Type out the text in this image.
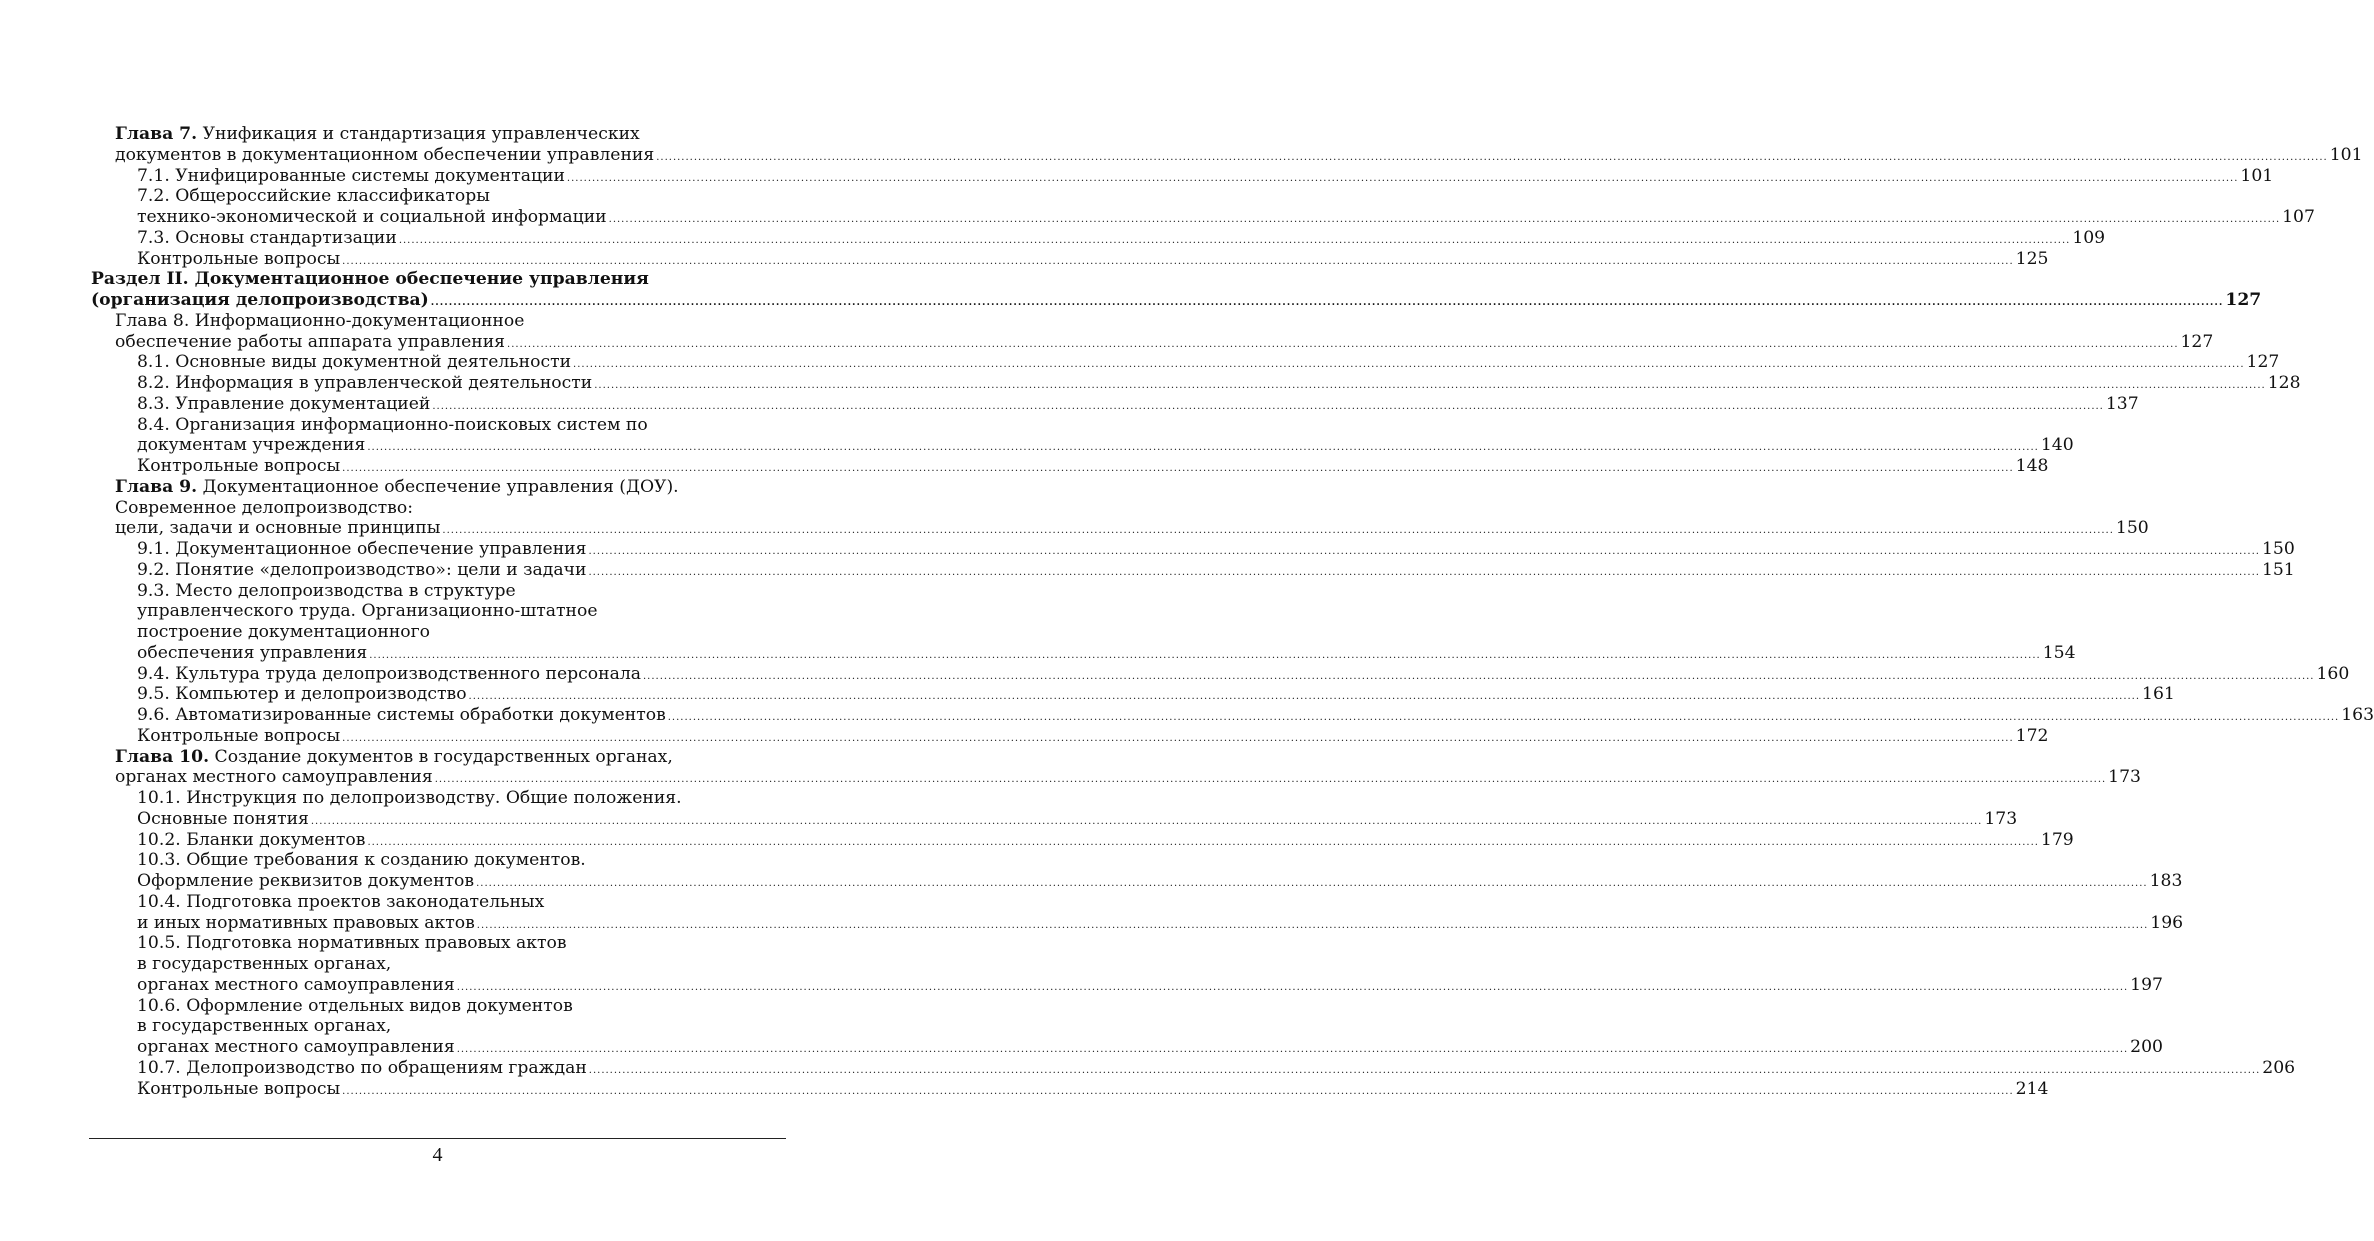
Глава 7. Унификация и стандартизация управленческих
документов в документационном обеспечении управления ................................................................................................................................................................................................................................................................................................................................................................................................................ 101
7.1. Унифицированные системы документации ................................................................................................................................................................................................................................................................................................................................................................................................................ 101
7.2. Общероссийские классификаторы
технико-экономической и социальной информации ................................................................................................................................................................................................................................................................................................................................................................................................................ 107
7.3. Основы стандартизации ................................................................................................................................................................................................................................................................................................................................................................................................................ 109
Контрольные вопросы ................................................................................................................................................................................................................................................................................................................................................................................................................ 125
Раздел II. Документационное обеспечение управления
(организация делопроизводства) ................................................................................................................................................................................................................................................................................................................................................................................................................ 127
Глава 8. Информационно-документационное
обеспечение работы аппарата управления ................................................................................................................................................................................................................................................................................................................................................................................................................ 127
8.1. Основные виды документной деятельности ................................................................................................................................................................................................................................................................................................................................................................................................................ 127
8.2. Информация в управленческой деятельности ................................................................................................................................................................................................................................................................................................................................................................................................................ 128
8.3. Управление документацией ................................................................................................................................................................................................................................................................................................................................................................................................................ 137
8.4. Организация информационно-поисковых систем по
документам учреждения ................................................................................................................................................................................................................................................................................................................................................................................................................ 140
Контрольные вопросы ................................................................................................................................................................................................................................................................................................................................................................................................................ 148
Глава 9. Документационное обеспечение управления (ДОУ).
Современное делопроизводство:
цели, задачи и основные принципы ................................................................................................................................................................................................................................................................................................................................................................................................................ 150
9.1. Документационное обеспечение управления ................................................................................................................................................................................................................................................................................................................................................................................................................ 150
9.2. Понятие «делопроизводство»: цели и задачи ................................................................................................................................................................................................................................................................................................................................................................................................................ 151
9.3. Место делопроизводства в структуре
управленческого труда. Организационно-штатное
построение документационного
обеспечения управления ................................................................................................................................................................................................................................................................................................................................................................................................................ 154
9.4. Культура труда делопроизводственного персонала ................................................................................................................................................................................................................................................................................................................................................................................................................ 160
9.5. Компьютер и делопроизводство ................................................................................................................................................................................................................................................................................................................................................................................................................ 161
9.6. Автоматизированные системы обработки документов ................................................................................................................................................................................................................................................................................................................................................................................................................ 163
Контрольные вопросы ................................................................................................................................................................................................................................................................................................................................................................................................................ 172
Глава 10. Создание документов в государственных органах,
органах местного самоуправления ................................................................................................................................................................................................................................................................................................................................................................................................................ 173
10.1. Инструкция по делопроизводству. Общие положения.
Основные понятия ................................................................................................................................................................................................................................................................................................................................................................................................................ 173
10.2. Бланки документов ................................................................................................................................................................................................................................................................................................................................................................................................................ 179
10.3. Общие требования к созданию документов.
Оформление реквизитов документов ................................................................................................................................................................................................................................................................................................................................................................................................................ 183
10.4. Подготовка проектов законодательных
и иных нормативных правовых актов ................................................................................................................................................................................................................................................................................................................................................................................................................ 196
10.5. Подготовка нормативных правовых актов
в государственных органах,
органах местного самоуправления ................................................................................................................................................................................................................................................................................................................................................................................................................ 197
10.6. Оформление отдельных видов документов
в государственных органах,
органах местного самоуправления ................................................................................................................................................................................................................................................................................................................................................................................................................ 200
10.7. Делопроизводство по обращениям граждан ................................................................................................................................................................................................................................................................................................................................................................................................................ 206
Контрольные вопросы ................................................................................................................................................................................................................................................................................................................................................................................................................ 214
4
